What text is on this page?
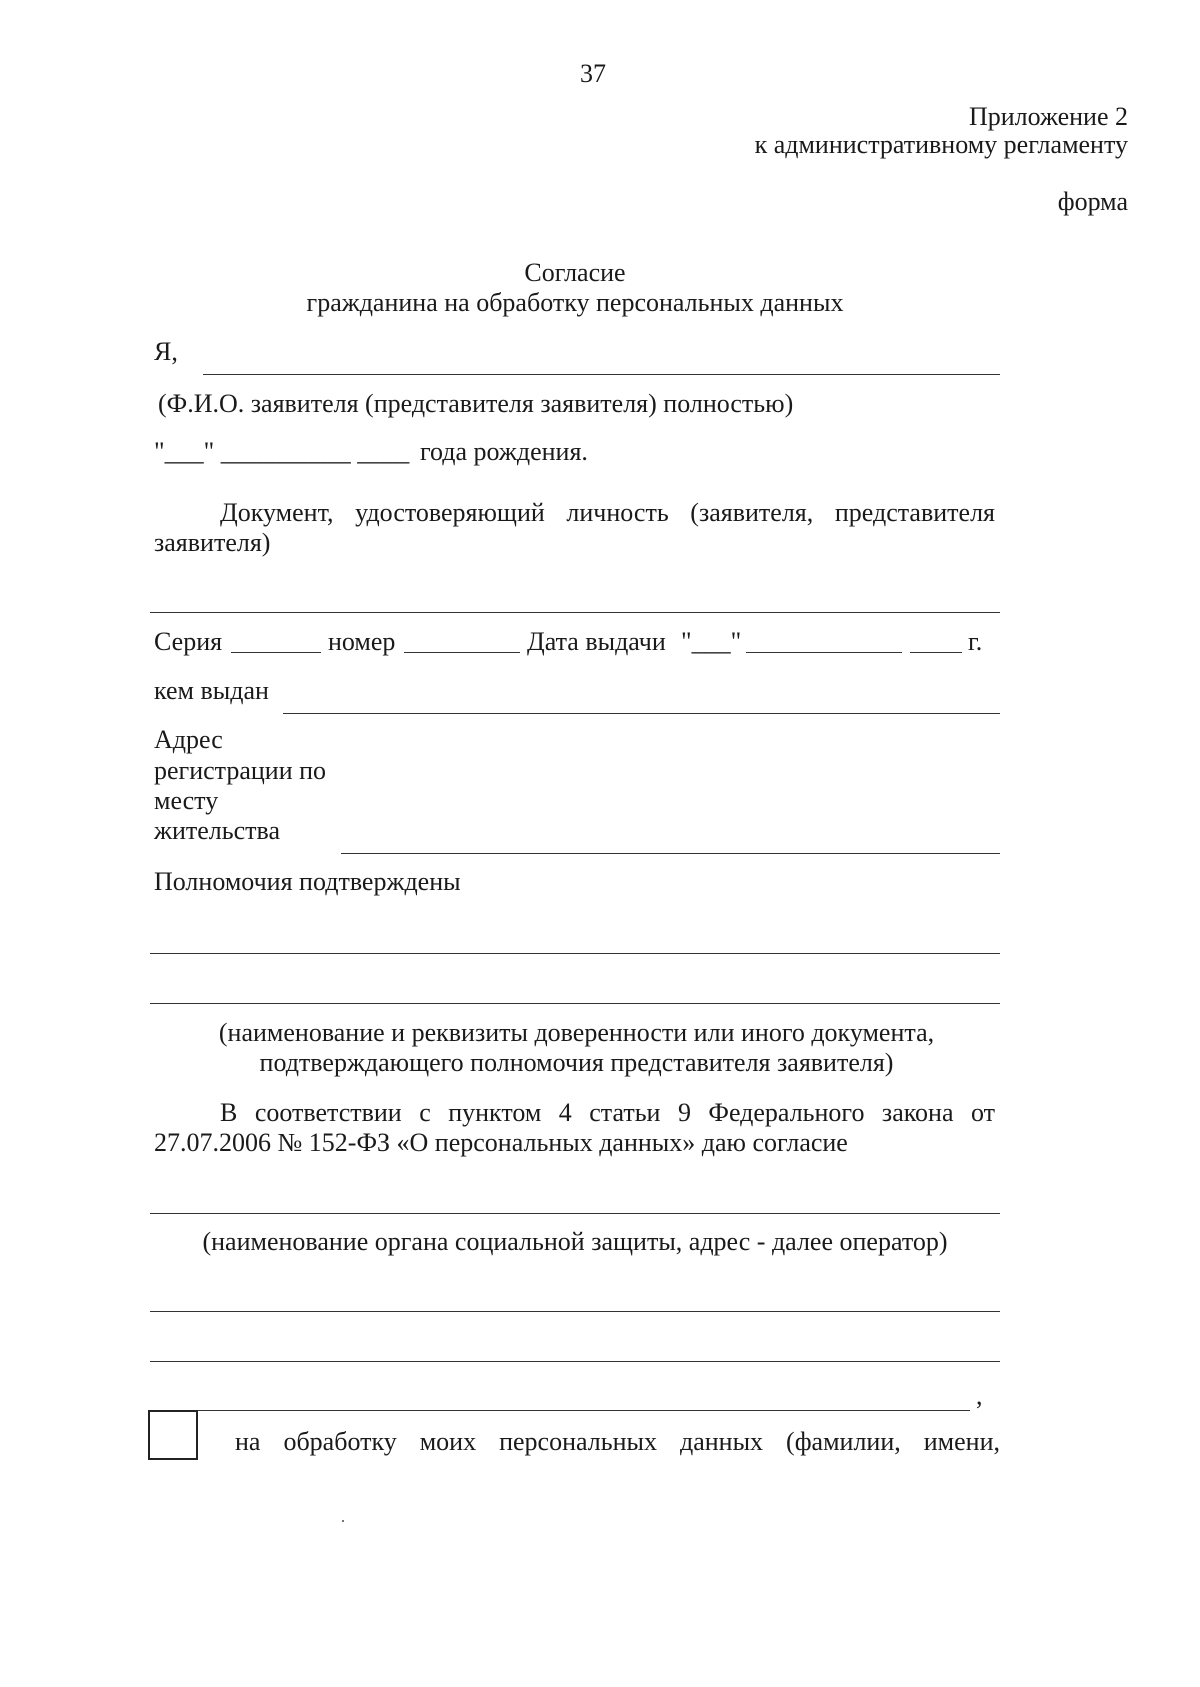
37
Приложение 2
к административному регламенту
форма
Согласие
гражданина на обработку персональных данных
Я,
(Ф.И.О. заявителя (представителя заявителя) полностью)
"___" __________ ____ года рождения.
Документ, удостоверяющий личность (заявителя, представителя
заявителя)
Серия	номер	Дата выдачи "___"	г.
кем выдан
Адрес
регистрации по
месту
жительства
Полномочия подтверждены
(наименование и реквизиты доверенности или иного документа,
подтверждающего полномочия представителя заявителя)
В соответствии с пунктом 4 статьи 9 Федерального закона от
27.07.2006 № 152-ФЗ «О персональных данных» даю согласие
(наименование органа социальной защиты, адрес - далее оператор)
,
на обработку моих персональных данных (фамилии, имени,
